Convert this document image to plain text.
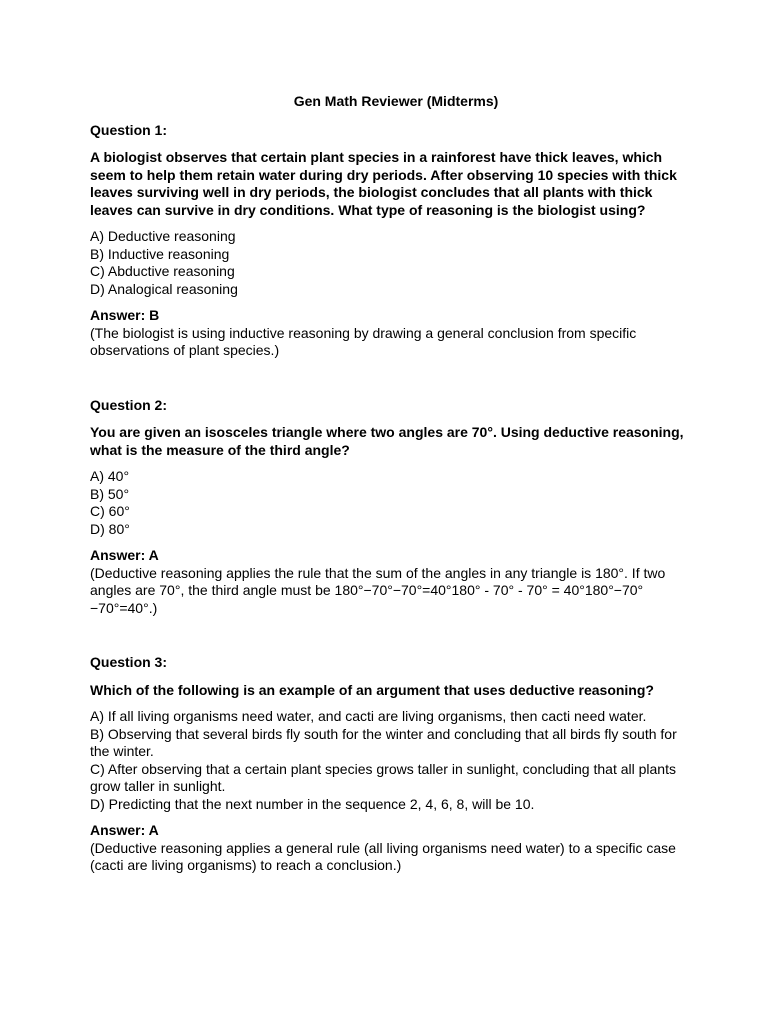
Gen Math Reviewer (Midterms)
Question 1:
A biologist observes that certain plant species in a rainforest have thick leaves, which seem to help them retain water during dry periods. After observing 10 species with thick leaves surviving well in dry periods, the biologist concludes that all plants with thick leaves can survive in dry conditions. What type of reasoning is the biologist using?
A) Deductive reasoning
B) Inductive reasoning
C) Abductive reasoning
D) Analogical reasoning
Answer: B
(The biologist is using inductive reasoning by drawing a general conclusion from specific observations of plant species.)
Question 2:
You are given an isosceles triangle where two angles are 70°. Using deductive reasoning, what is the measure of the third angle?
A) 40°
B) 50°
C) 60°
D) 80°
Answer: A
(Deductive reasoning applies the rule that the sum of the angles in any triangle is 180°. If two angles are 70°, the third angle must be 180°−70°−70°=40°180° - 70° - 70° = 40°180°−70°−70°=40°.)
Question 3:
Which of the following is an example of an argument that uses deductive reasoning?
A) If all living organisms need water, and cacti are living organisms, then cacti need water.
B) Observing that several birds fly south for the winter and concluding that all birds fly south for the winter.
C) After observing that a certain plant species grows taller in sunlight, concluding that all plants grow taller in sunlight.
D) Predicting that the next number in the sequence 2, 4, 6, 8, will be 10.
Answer: A
(Deductive reasoning applies a general rule (all living organisms need water) to a specific case (cacti are living organisms) to reach a conclusion.)
